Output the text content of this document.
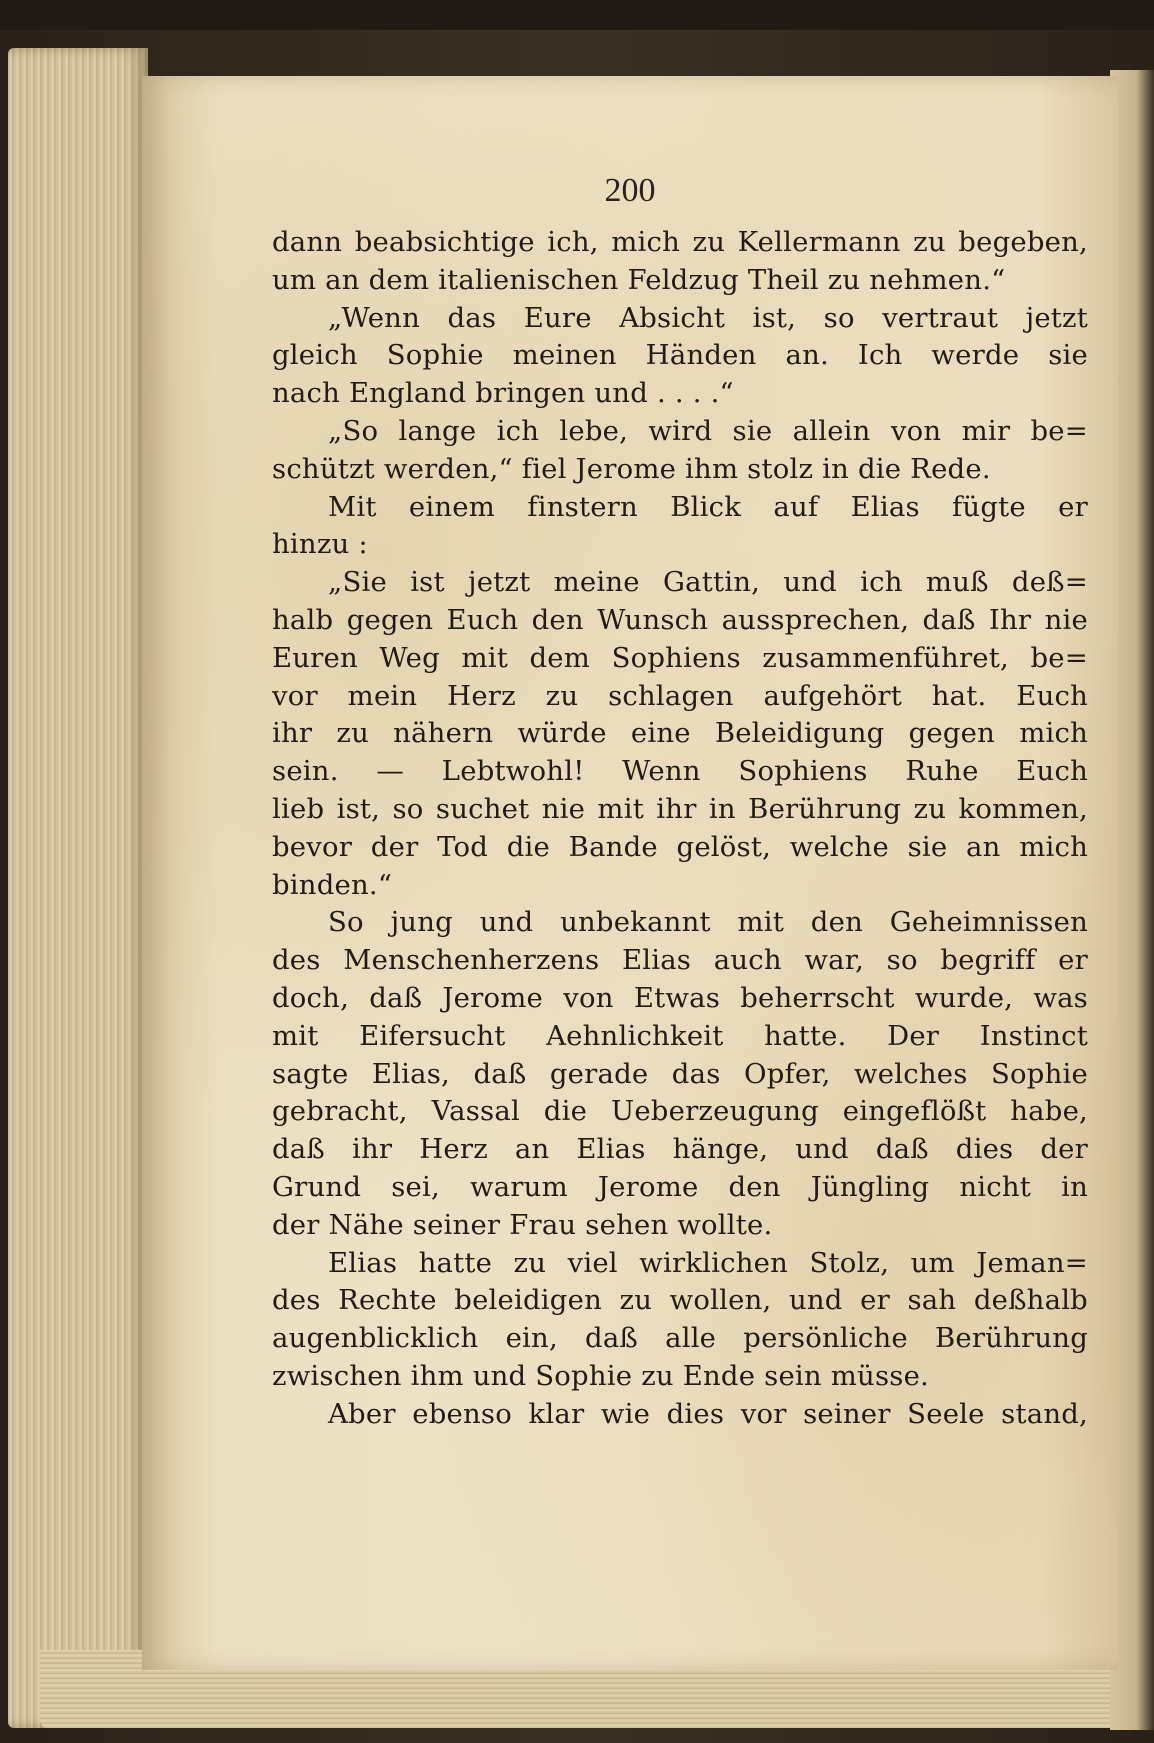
200
dann beabsichtige ich, mich zu Kellermann zu begeben,
um an dem italienischen Feldzug Theil zu nehmen.“
„Wenn das Eure Absicht ist, so vertraut jetzt
gleich Sophie meinen Händen an. Ich werde sie
nach England bringen und . . . .“
„So lange ich lebe, wird sie allein von mir be=
schützt werden,“ fiel Jerome ihm stolz in die Rede.
Mit einem finstern Blick auf Elias fügte er
hinzu :
„Sie ist jetzt meine Gattin, und ich muß deß=
halb gegen Euch den Wunsch aussprechen, daß Ihr nie
Euren Weg mit dem Sophiens zusammenführet, be=
vor mein Herz zu schlagen aufgehört hat. Euch
ihr zu nähern würde eine Beleidigung gegen mich
sein. — Lebtwohl! Wenn Sophiens Ruhe Euch
lieb ist, so suchet nie mit ihr in Berührung zu kommen,
bevor der Tod die Bande gelöst, welche sie an mich
binden.“
So jung und unbekannt mit den Geheimnissen
des Menschenherzens Elias auch war, so begriff er
doch, daß Jerome von Etwas beherrscht wurde, was
mit Eifersucht Aehnlichkeit hatte. Der Instinct
sagte Elias, daß gerade das Opfer, welches Sophie
gebracht, Vassal die Ueberzeugung eingeflößt habe,
daß ihr Herz an Elias hänge, und daß dies der
Grund sei, warum Jerome den Jüngling nicht in
der Nähe seiner Frau sehen wollte.
Elias hatte zu viel wirklichen Stolz, um Jeman=
des Rechte beleidigen zu wollen, und er sah deßhalb
augenblicklich ein, daß alle persönliche Berührung
zwischen ihm und Sophie zu Ende sein müsse.
Aber ebenso klar wie dies vor seiner Seele stand,
